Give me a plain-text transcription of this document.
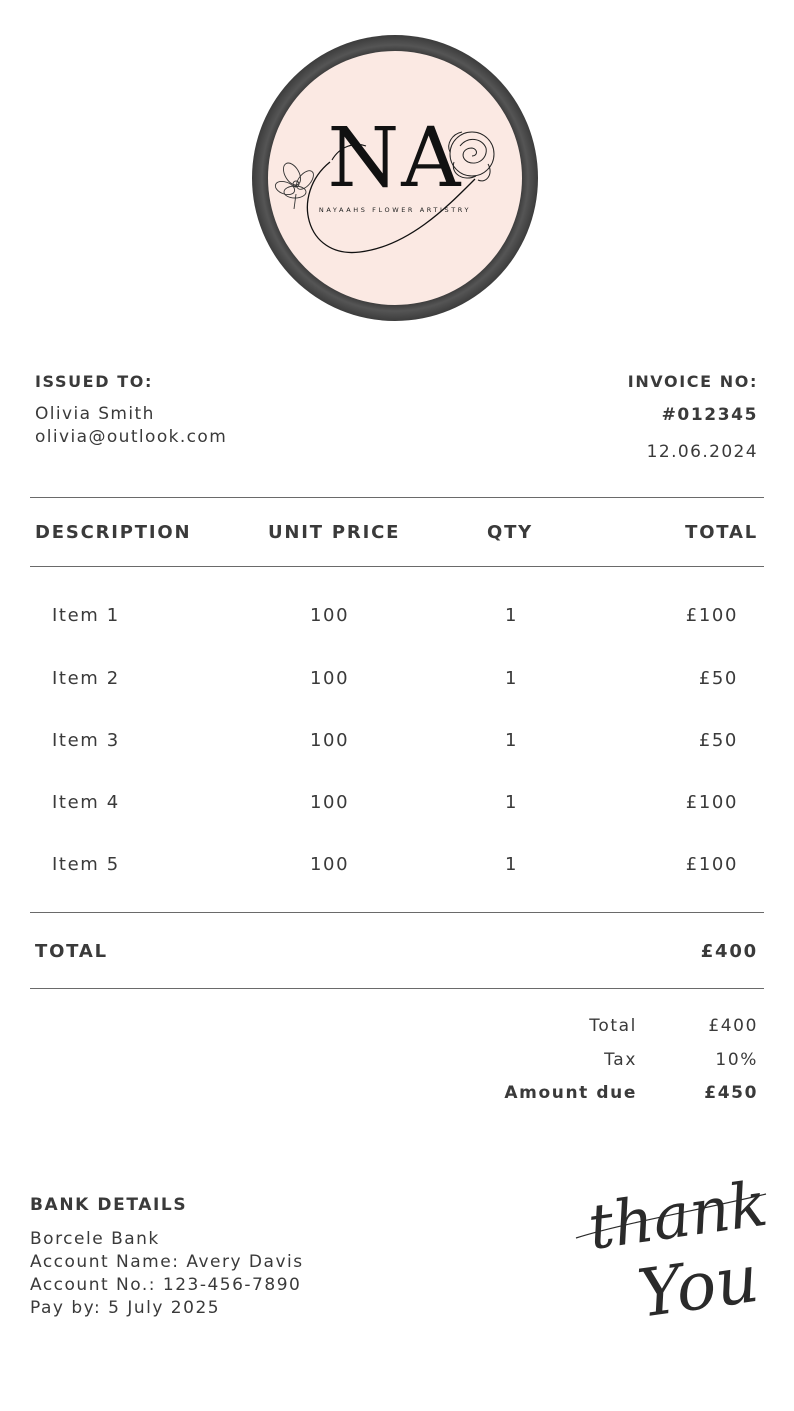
NA
NAYAAHS FLOWER ARTISTRY
ISSUED TO:
Olivia Smith
olivia@outlook.com
INVOICE NO:
#012345
12.06.2024
DESCRIPTION	UNIT PRICE	QTY	TOTAL
Item 1	100	1	£100
Item 2	100	1	£50
Item 3	100	1	£50
Item 4	100	1	£100
Item 5	100	1	£100
TOTAL	£400
Total	£400
Tax	10%
Amount due	£450
BANK DETAILS
Borcele Bank
Account Name: Avery Davis
Account No.: 123-456-7890
Pay by: 5 July 2025
thank
You
